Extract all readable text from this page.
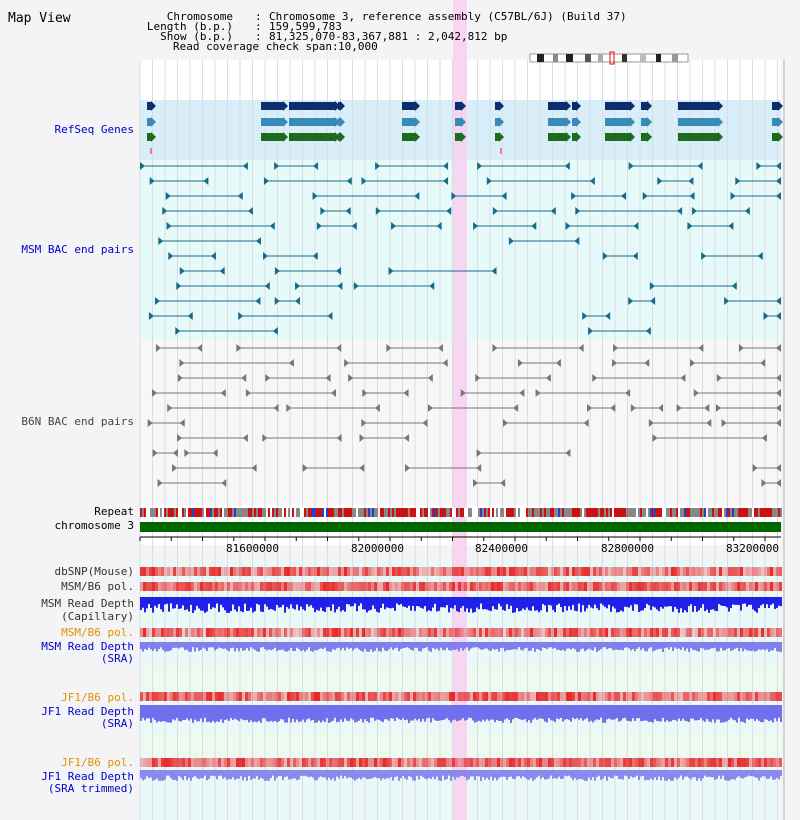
Map View	Chromosome : Chromosome 3, reference assembly (C57BL/6J) (Build 37)
Length (b.p.) : 159,599,783
Show (b.p.) : 81,325,070-83,367,881 : 2,042,812 bp
Read coverage check span : 10,000
RefSeq Genes
MSM BAC end pairs
B6N BAC end pairs
Repeat
chromosome 3
dbSNP(Mouse)
MSM/B6 pol.
MSM Read Depth
(Capillary)
MSM/B6 pol.
MSM Read Depth
(SRA)
JF1/B6 pol.
JF1 Read Depth
(SRA)
JF1/B6 pol.
JF1 Read Depth
(SRA trimmed)
81600000	82000000	82400000	82800000	83200000
